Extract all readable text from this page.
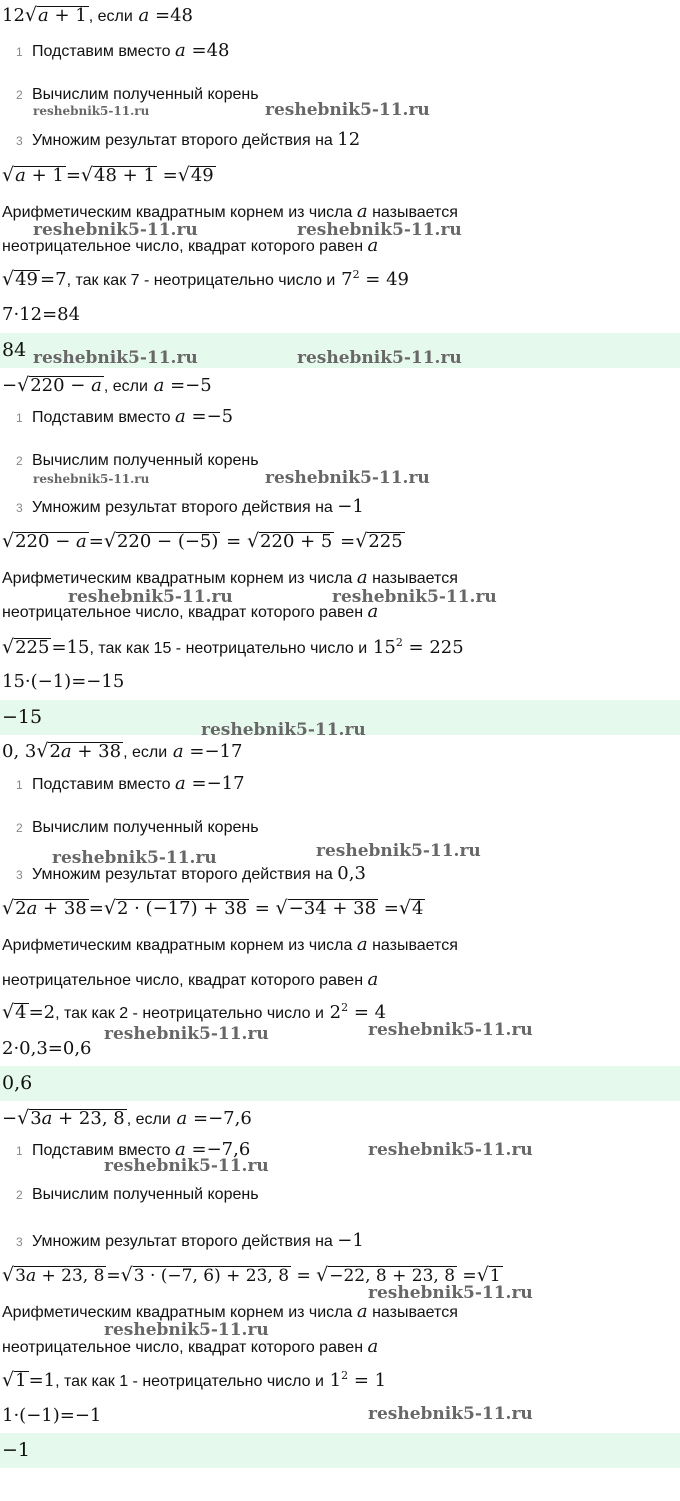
12√a + 1 , если a =48
1 Подставим вместо a =48
2 Вычислим полученный корень
3 Умножим результат второго действия на 12
√a + 1 =√48 + 1 =√49
Арифметическим квадратным корнем из числа a называется
неотрицательное число, квадрат которого равен a
√49 =7, так как 7 - неотрицательно число и $7^2 = 49$
7·12=84
84
−√220 − a , если a =−5
1 Подставим вместо a =−5
2 Вычислим полученный корень
3 Умножим результат второго действия на −1
√220 − a =√220 − (−5) = √220 + 5 =√225
Арифметическим квадратным корнем из числа a называется
неотрицательное число, квадрат которого равен a
√225 =15, так как 15 - неотрицательно число и $15^2 = 225$
15·(−1)=−15
−15
0, 3√2a + 38 , если a =−17
1 Подставим вместо a =−17
2 Вычислим полученный корень
3 Умножим результат второго действия на 0,3
√2a + 38 =√2 · (−17) + 38 = √−34 + 38 =√4
Арифметическим квадратным корнем из числа a называется
неотрицательное число, квадрат которого равен a
√4 =2, так как 2 - неотрицательно число и $2^2 = 4$
2·0,3=0,6
0,6
−√3a + 23, 8 , если a =−7,6
1 Подставим вместо a =−7,6
2 Вычислим полученный корень
3 Умножим результат второго действия на −1
√3a + 23, 8 =√3 · (−7, 6) + 23, 8 = √−22, 8 + 23, 8 =√1
Арифметическим квадратным корнем из числа a называется
неотрицательное число, квадрат которого равен a
√1 =1, так как 1 - неотрицательно число и $1^2 = 1$
1·(−1)=−1
−1
reshebnik5-11.ru	reshebnik5-11.ru
reshebnik5-11.ru	reshebnik5-11.ru
reshebnik5-11.ru	reshebnik5-11.ru
reshebnik5-11.ru	reshebnik5-11.ru
reshebnik5-11.ru	reshebnik5-11.ru
reshebnik5-11.ru
reshebnik5-11.ru	reshebnik5-11.ru
reshebnik5-11.ru	reshebnik5-11.ru
reshebnik5-11.ru
reshebnik5-11.ru
reshebnik5-11.ru
reshebnik5-11.ru
reshebnik5-11.ru
